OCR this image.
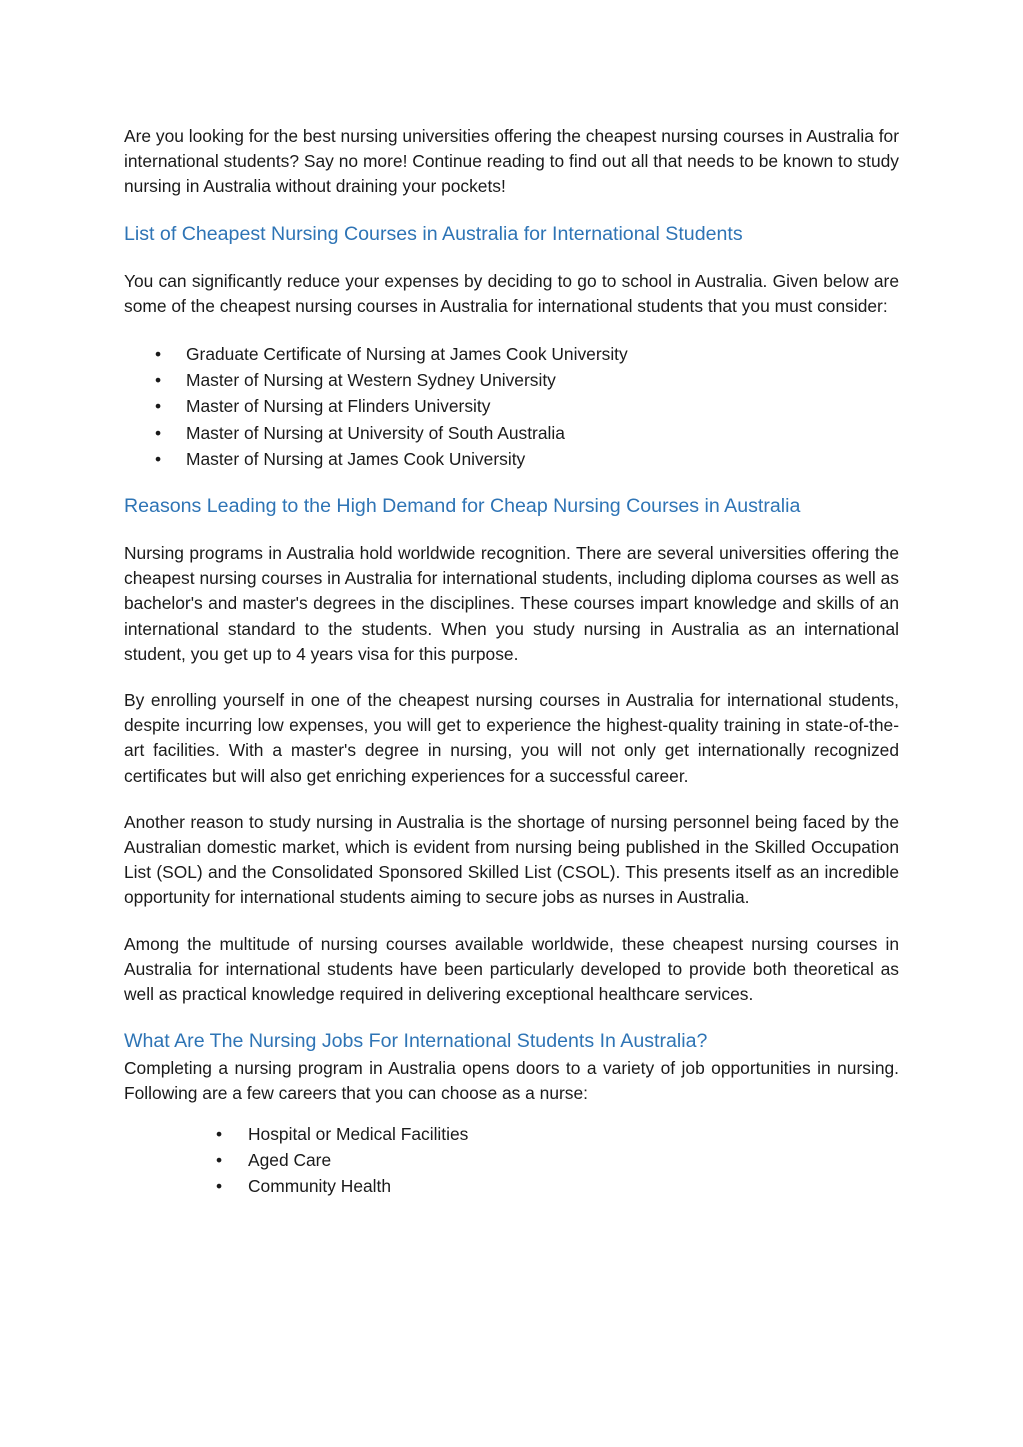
Are you looking for the best nursing universities offering the cheapest nursing courses in Australia for international students? Say no more! Continue reading to find out all that needs to be known to study nursing in Australia without draining your pockets!

List of Cheapest Nursing Courses in Australia for International Students

You can significantly reduce your expenses by deciding to go to school in Australia. Given below are some of the cheapest nursing courses in Australia for international students that you must consider:

• Graduate Certificate of Nursing at James Cook University
• Master of Nursing at Western Sydney University
• Master of Nursing at Flinders University
• Master of Nursing at University of South Australia
• Master of Nursing at James Cook University
Reasons Leading to the High Demand for Cheap Nursing Courses in Australia

Nursing programs in Australia hold worldwide recognition. There are several universities offering the cheapest nursing courses in Australia for international students, including diploma courses as well as bachelor's and master's degrees in the disciplines. These courses impart knowledge and skills of an international standard to the students. When you study nursing in Australia as an international student, you get up to 4 years visa for this purpose.

By enrolling yourself in one of the cheapest nursing courses in Australia for international students, despite incurring low expenses, you will get to experience the highest-quality training in state-of-the-art facilities. With a master's degree in nursing, you will not only get internationally recognized certificates but will also get enriching experiences for a successful career.

Another reason to study nursing in Australia is the shortage of nursing personnel being faced by the Australian domestic market, which is evident from nursing being published in the Skilled Occupation List (SOL) and the Consolidated Sponsored Skilled List (CSOL). This presents itself as an incredible opportunity for international students aiming to secure jobs as nurses in Australia.

Among the multitude of nursing courses available worldwide, these cheapest nursing courses in Australia for international students have been particularly developed to provide both theoretical as well as practical knowledge required in delivering exceptional healthcare services.

What Are The Nursing Jobs For International Students In Australia?

Completing a nursing program in Australia opens doors to a variety of job opportunities in nursing. Following are a few careers that you can choose as a nurse:

• Hospital or Medical Facilities
• Aged Care
• Community Health
